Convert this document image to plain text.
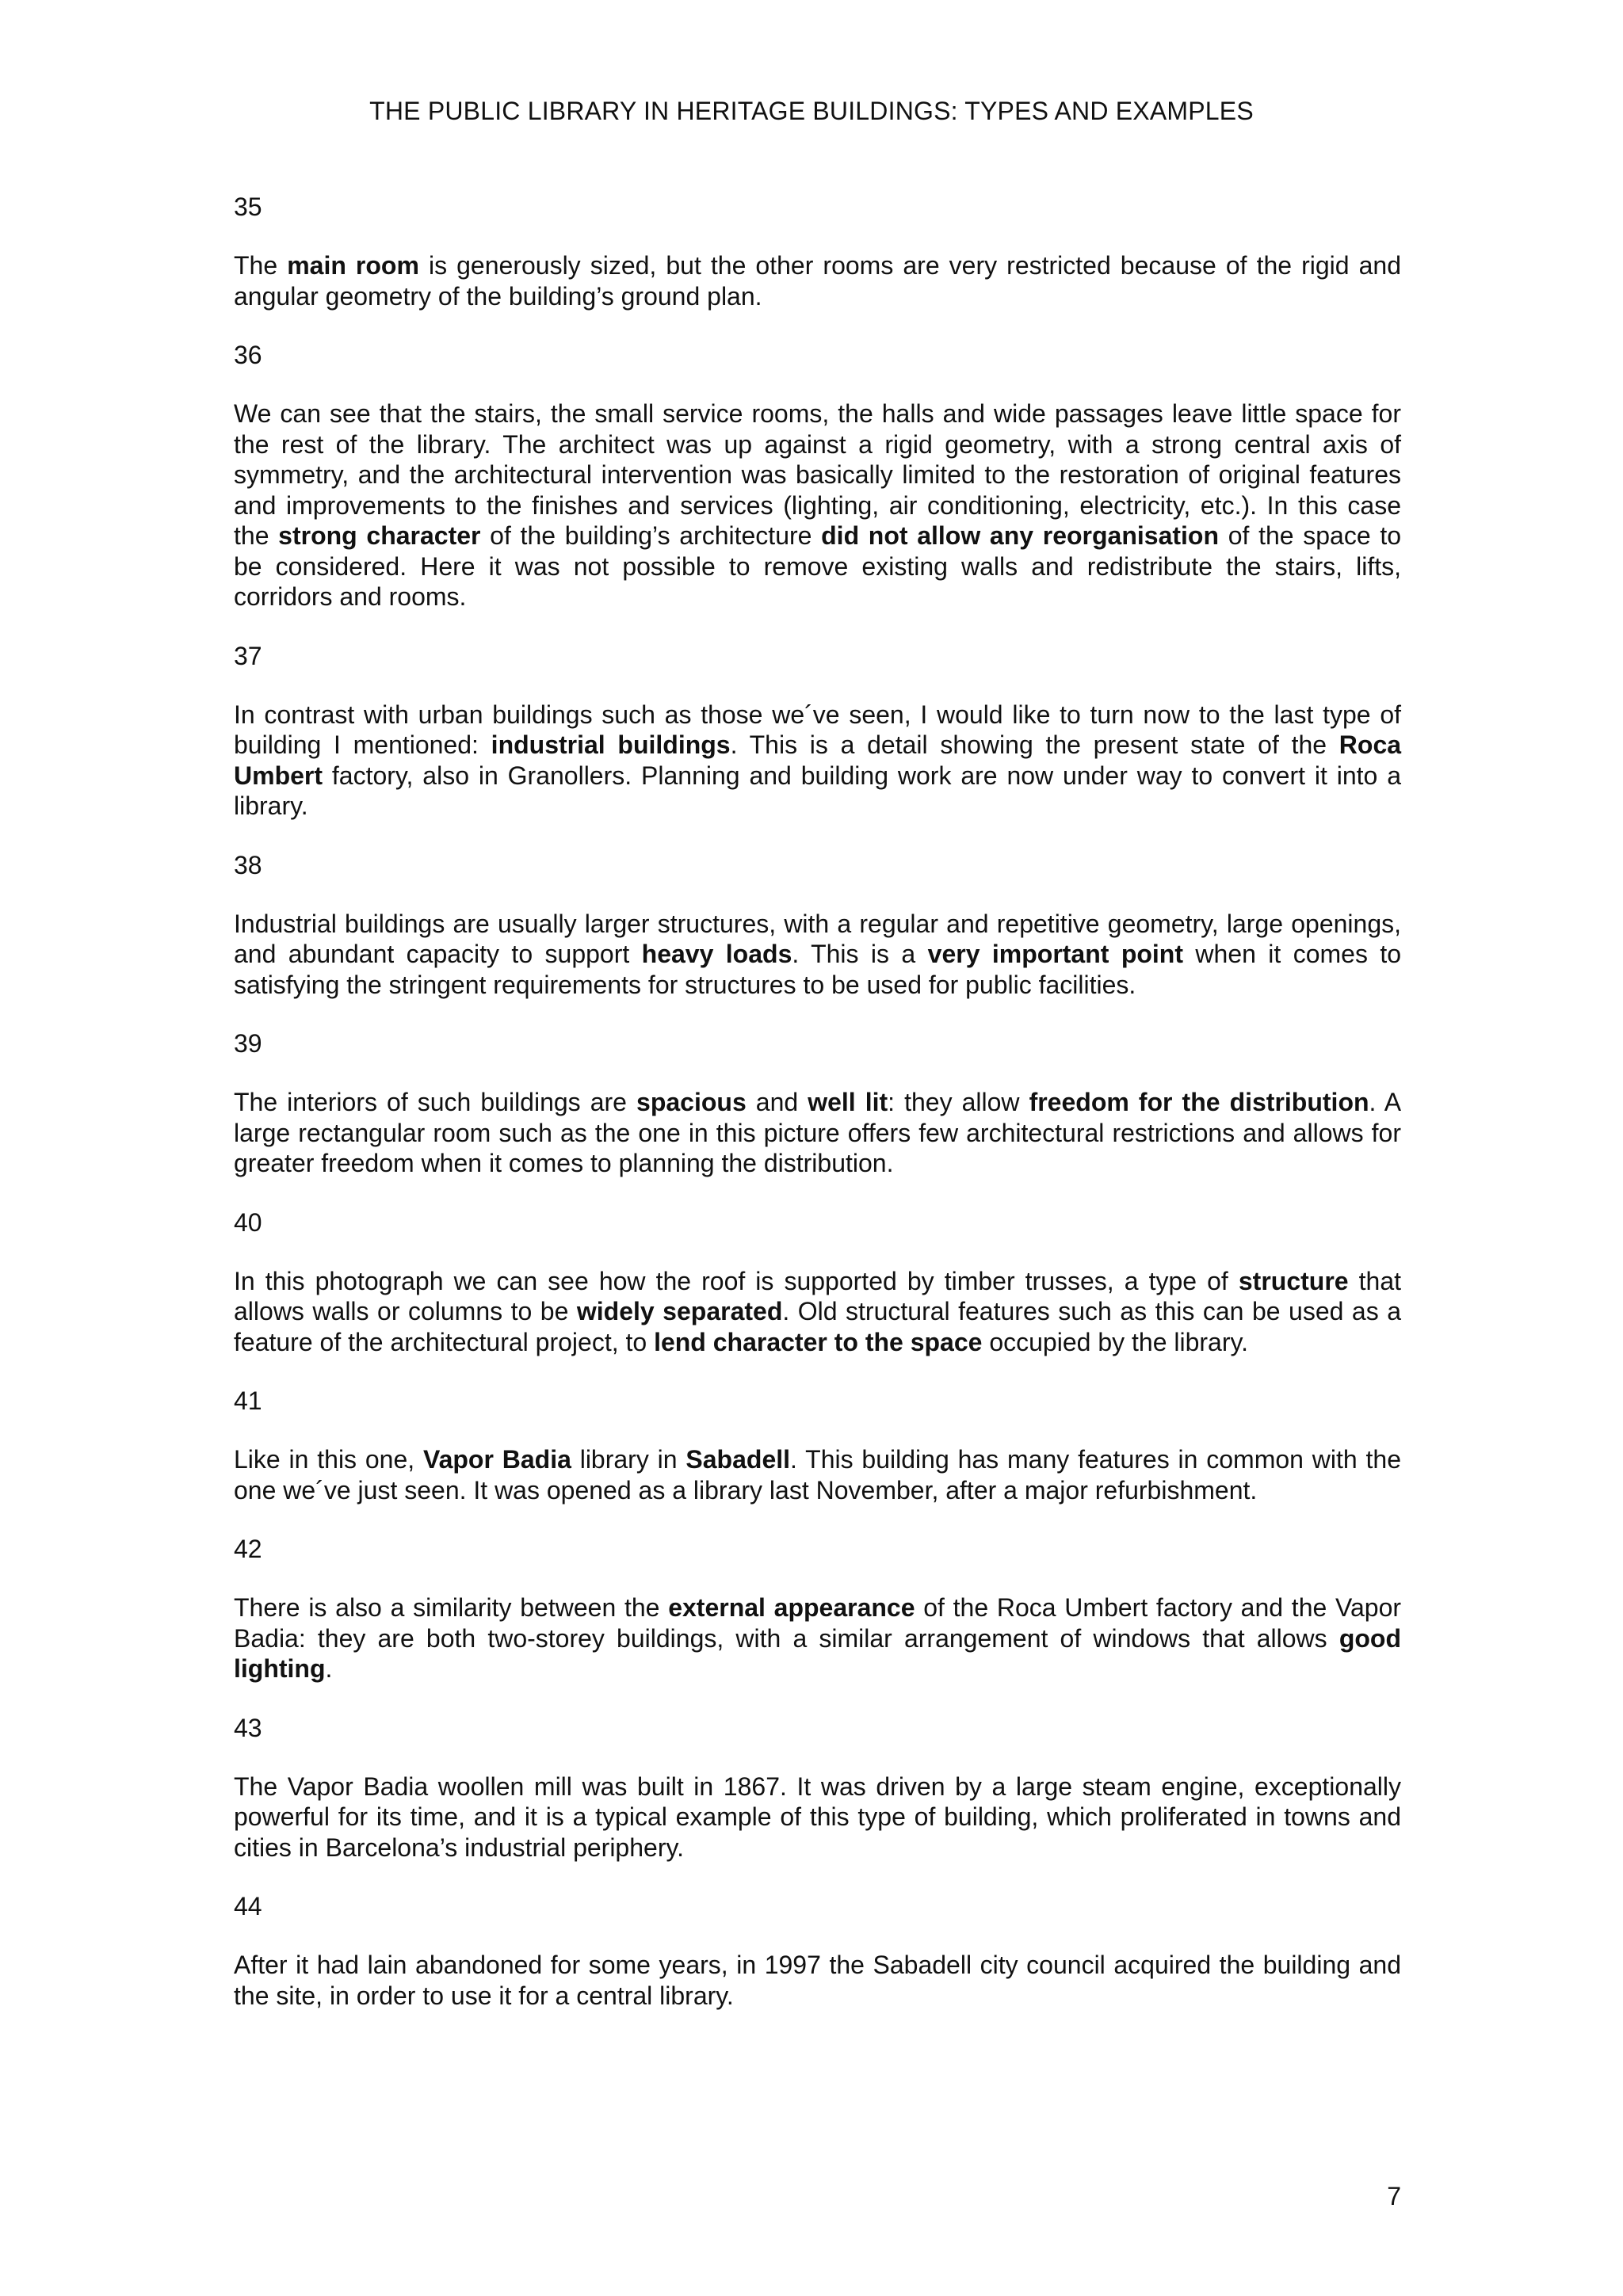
THE PUBLIC LIBRARY IN HERITAGE BUILDINGS: TYPES AND EXAMPLES

35

The main room is generously sized, but the other rooms are very restricted because of the rigid and angular geometry of the building’s ground plan.

36

We can see that the stairs, the small service rooms, the halls and wide passages leave little space for the rest of the library. The architect was up against a rigid geometry, with a strong central axis of symmetry, and the architectural intervention was basically limited to the restoration of original features and improvements to the finishes and services (lighting, air conditioning, electricity, etc.). In this case the strong character of the building’s architecture did not allow any reorganisation of the space to be considered. Here it was not possible to remove existing walls and redistribute the stairs, lifts, corridors and rooms.

37

In contrast with urban buildings such as those we´ve seen, I would like to turn now to the last type of building I mentioned: industrial buildings. This is a detail showing the present state of the Roca Umbert factory, also in Granollers. Planning and building work are now under way to convert it into a library.

38

Industrial buildings are usually larger structures, with a regular and repetitive geometry, large openings, and abundant capacity to support heavy loads. This is a very important point when it comes to satisfying the stringent requirements for structures to be used for public facilities.

39

The interiors of such buildings are spacious and well lit: they allow freedom for the distribution. A large rectangular room such as the one in this picture offers few architectural restrictions and allows for greater freedom when it comes to planning the distribution.

40

In this photograph we can see how the roof is supported by timber trusses, a type of structure that allows walls or columns to be widely separated. Old structural features such as this can be used as a feature of the architectural project, to lend character to the space occupied by the library.

41

Like in this one, Vapor Badia library in Sabadell. This building has many features in common with the one we´ve just seen. It was opened as a library last November, after a major refurbishment.

42

There is also a similarity between the external appearance of the Roca Umbert factory and the Vapor Badia: they are both two-storey buildings, with a similar arrangement of windows that allows good lighting.

43

The Vapor Badia woollen mill was built in 1867. It was driven by a large steam engine, exceptionally powerful for its time, and it is a typical example of this type of building, which proliferated in towns and cities in Barcelona’s industrial periphery.

44

After it had lain abandoned for some years, in 1997 the Sabadell city council acquired the building and the site, in order to use it for a central library.

7
